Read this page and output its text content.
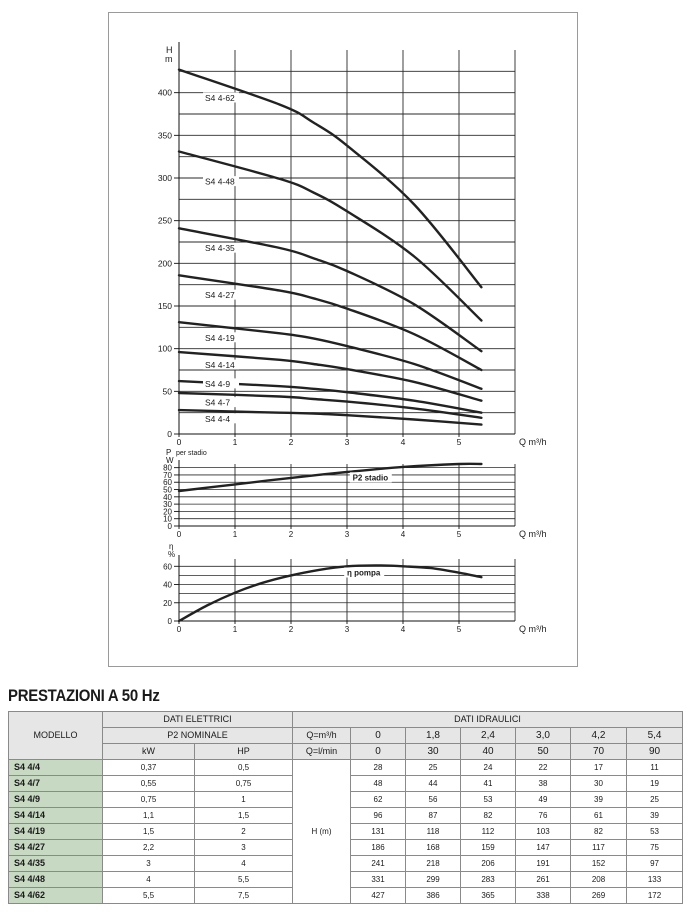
0
50
100
150
200
250
300
350
400
0	1	2	3	4	5	Q m³/h
H
m
0
10
20
30
40
50
60
70
80
0	1	2	3	4	5	Q m³/h
P per stadio
W
0
20
40
60
0	1	2	3	4	5	Q m³/h
η
%
S4 4-62
S4 4-48
S4 4-35
S4 4-27
S4 4-19
S4 4-14
S4 4-9
S4 4-7
S4 4-4
P2 stadio
η pompa
PRESTAZIONI A 50 Hz
MODELLO	DATI ELETTRICI		DATI IDRAULICI						
	P2 NOMINALE		Q=m³/h	0	1,8	2,4	3,0	4,2	5,4
	kW	HP	Q=l/min	0	30	40	50	70	90
S4 4/4	0,37	0,5	H (m)	28	25	24	22	17	11
S4 4/7	0,55	0,75		48	44	41	38	30	19
S4 4/9	0,75	1		62	56	53	49	39	25
S4 4/14	1,1	1,5		96	87	82	76	61	39
S4 4/19	1,5	2		131	118	112	103	82	53
S4 4/27	2,2	3		186	168	159	147	117	75
S4 4/35	3	4		241	218	206	191	152	97
S4 4/48	4	5,5		331	299	283	261	208	133
S4 4/62	5,5	7,5		427	386	365	338	269	172
